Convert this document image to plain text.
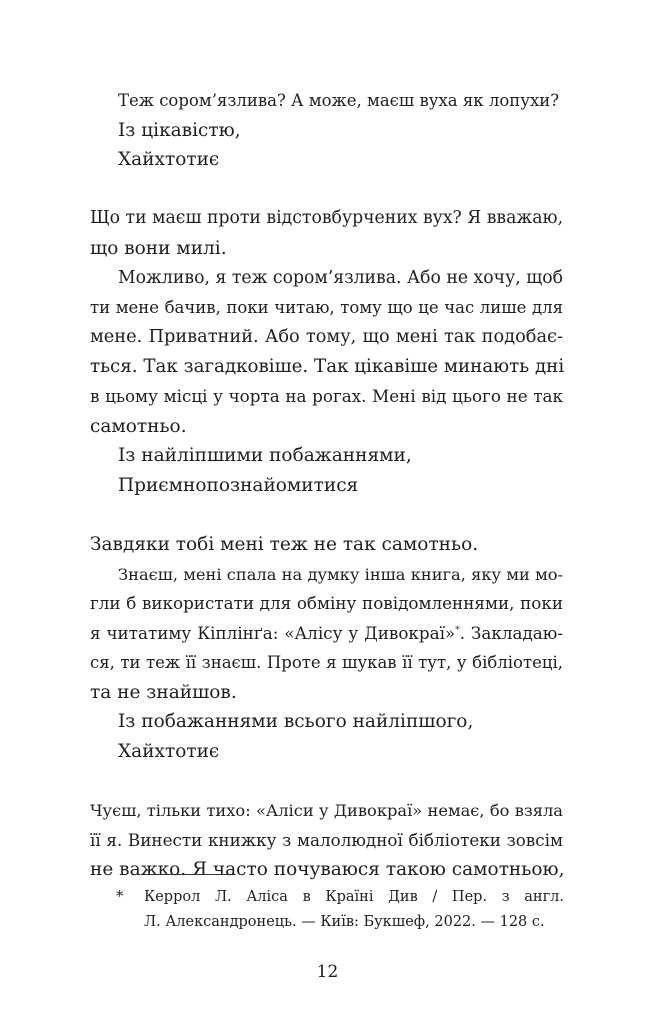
Теж сором’язлива? А може, маєш вуха як лопухи?
Із цікавістю,
Хайхтотиє
Що ти маєш проти відстовбурчених вух? Я вважаю,
що вони милі.
Можливо, я теж сором’язлива. Або не хочу, щоб
ти мене бачив, поки читаю, тому що це час лише для
мене. Приватний. Або тому, що мені так подобає-
ться. Так загадковіше. Так цікавіше минають дні
в цьому місці у чорта на рогах. Мені від цього не так
самотньо.
Із найліпшими побажаннями,
Приємнопознайомитися
Завдяки тобі мені теж не так самотньо.
Знаєш, мені спала на думку інша книга, яку ми мо-
гли б використати для обміну повідомленнями, поки
я читатиму Кіплінґа: «Алісу у Дивокраї»*. Закладаю-
ся, ти теж її знаєш. Проте я шукав її тут, у бібліотеці,
та не знайшов.
Із побажаннями всього найліпшого,
Хайхтотиє
Чуєш, тільки тихо: «Аліси у Дивокраї» немає, бо взяла
її я. Винести книжку з малолюдної бібліотеки зовсім
не важко. Я часто почуваюся такою самотньою,
* Керрол Л. Аліса в Країні Див / Пер. з англ.
Л. Александронець. — Київ: Букшеф, 2022. — 128 с.
12
